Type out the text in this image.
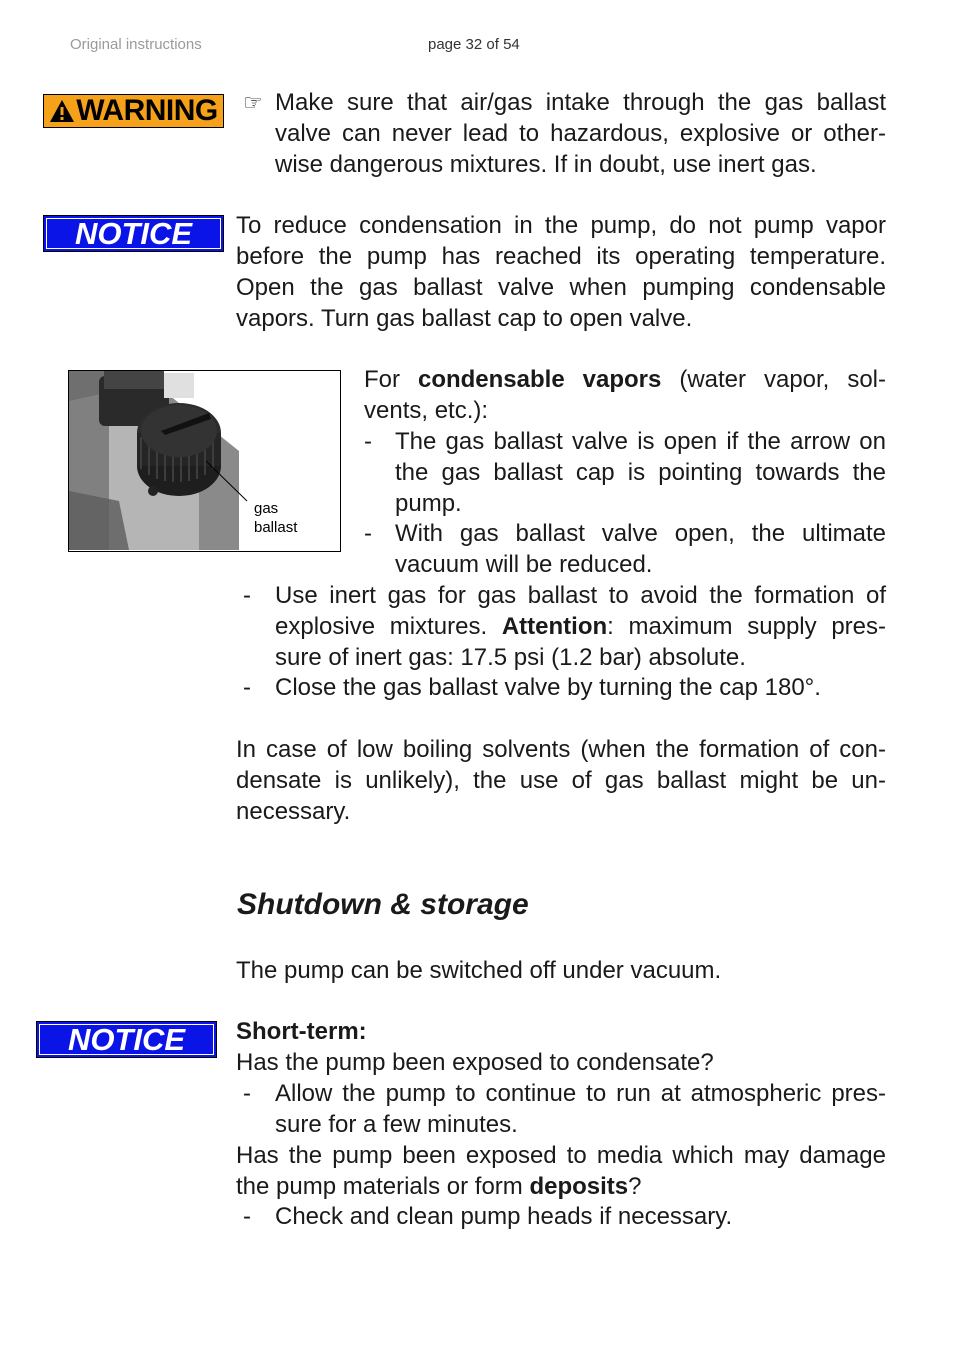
Original instructions	page 32 of 54
WARNING ☞ Make sure that air/gas intake through the gas ballast
valve can never lead to hazardous, explosive or other-
wise dangerous mixtures. If in doubt, use inert gas.
NOTICE To reduce condensation in the pump, do not pump vapor
before the pump has reached its operating temperature.
Open the gas ballast valve when pumping condensable
vapors. Turn gas ballast cap to open valve.
gas
ballast
For condensable vapors (water vapor, sol-
vents, etc.):
- The gas ballast valve is open if the arrow on
the gas ballast cap is pointing towards the
pump.
- With gas ballast valve open, the ultimate
vacuum will be reduced.
- Use inert gas for gas ballast to avoid the formation of
explosive mixtures. Attention: maximum supply pres-
sure of inert gas: 17.5 psi (1.2 bar) absolute.
- Close the gas ballast valve by turning the cap 180°.
In case of low boiling solvents (when the formation of con-
densate is unlikely), the use of gas ballast might be un-
necessary.
Shutdown & storage
The pump can be switched off under vacuum.
NOTICE Short-term:
Has the pump been exposed to condensate?
- Allow the pump to continue to run at atmospheric pres-
sure for a few minutes.
Has the pump been exposed to media which may damage
the pump materials or form deposits?
- Check and clean pump heads if necessary.
